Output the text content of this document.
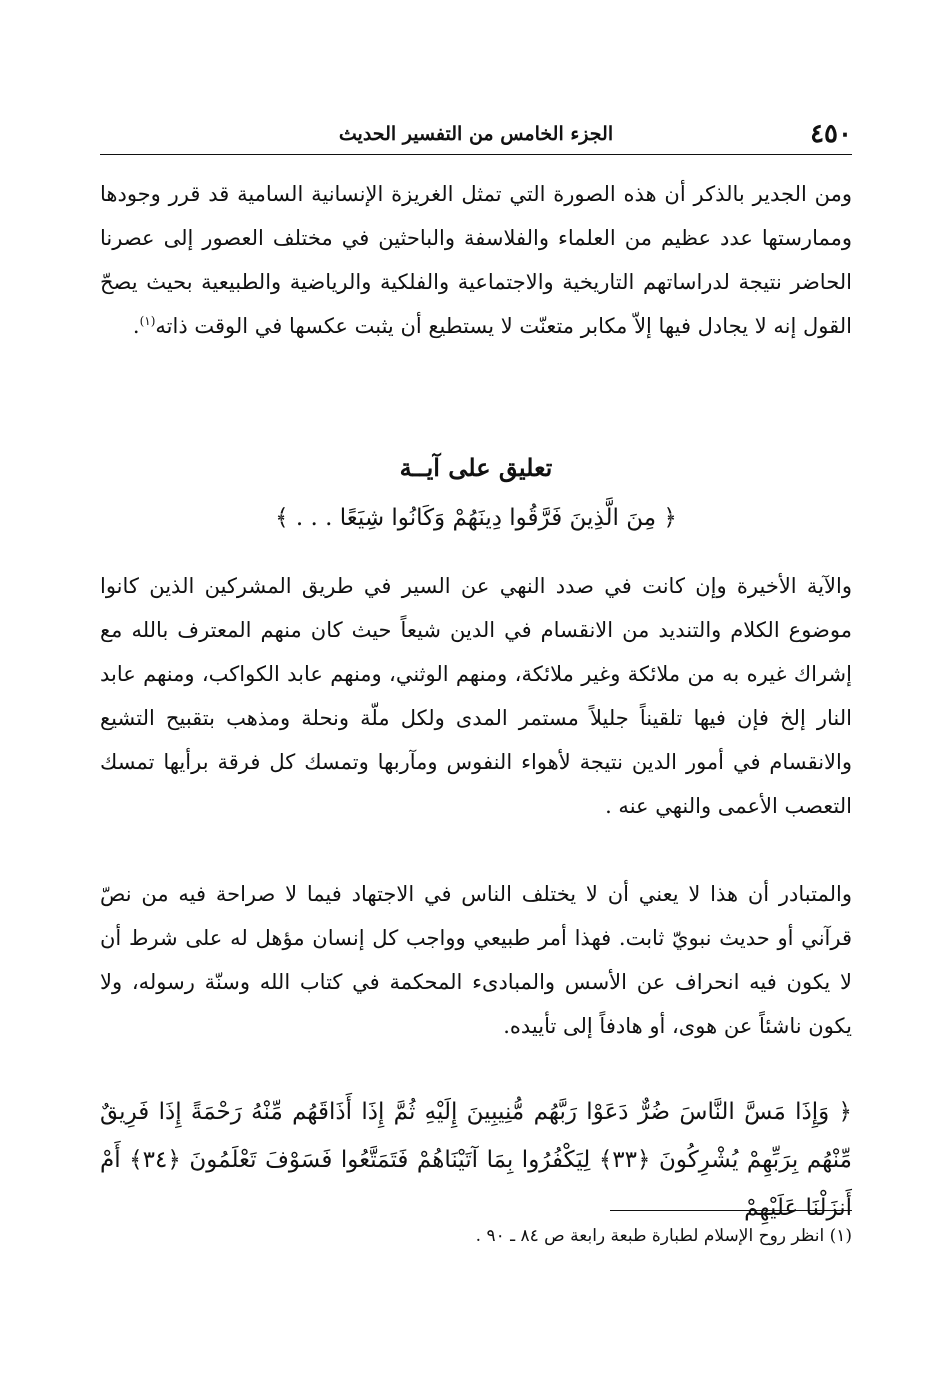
٤٥٠
الجزء الخامس من التفسير الحديث

ومن الجدير بالذكر أن هذه الصورة التي تمثل الغريزة الإنسانية السامية قد قرر وجودها وممارستها عدد عظيم من العلماء والفلاسفة والباحثين في مختلف العصور إلى عصرنا الحاضر نتيجة لدراساتهم التاريخية والاجتماعية والفلكية والرياضية والطبيعية بحيث يصحّ القول إنه لا يجادل فيها إلاّ مكابر متعنّت لا يستطيع أن يثبت عكسها في الوقت ذاته$^{(١)}$.

تعليق على آيــة
﴿ مِنَ الَّذِينَ فَرَّقُوا دِينَهُمْ وَكَانُوا شِيَعًا . . . ﴾

والآية الأخيرة وإن كانت في صدد النهي عن السير في طريق المشركين الذين كانوا موضوع الكلام والتنديد من الانقسام في الدين شيعاً حيث كان منهم المعترف بالله مع إشراك غيره به من ملائكة وغير ملائكة، ومنهم الوثني، ومنهم عابد الكواكب، ومنهم عابد النار إلخ فإن فيها تلقيناً جليلاً مستمر المدى ولكل ملّة ونحلة ومذهب بتقبيح التشيع والانقسام في أمور الدين نتيجة لأهواء النفوس ومآربها وتمسك كل فرقة برأيها تمسك التعصب الأعمى والنهي عنه .

والمتبادر أن هذا لا يعني أن لا يختلف الناس في الاجتهاد فيما لا صراحة فيه من نصّ قرآني أو حديث نبويّ ثابت. فهذا أمر طبيعي وواجب كل إنسان مؤهل له على شرط أن لا يكون فيه انحراف عن الأسس والمبادىء المحكمة في كتاب الله وسنّة رسوله، ولا يكون ناشئاً عن هوى، أو هادفاً إلى تأييده.

﴿ وَإِذَا مَسَّ النَّاسَ ضُرٌّ دَعَوْا رَبَّهُم مُّنِيبِينَ إِلَيْهِ ثُمَّ إِذَا أَذَاقَهُم مِّنْهُ رَحْمَةً إِذَا فَرِيقٌ مِّنْهُم بِرَبِّهِمْ يُشْرِكُونَ ﴿٣٣﴾ لِيَكْفُرُوا بِمَا آتَيْنَاهُمْ فَتَمَتَّعُوا فَسَوْفَ تَعْلَمُونَ ﴿٣٤﴾ أَمْ أَنزَلْنَا عَلَيْهِمْ

(١) انظر روح الإسلام لطبارة طبعة رابعة ص ٨٤ ـ ٩٠ .
